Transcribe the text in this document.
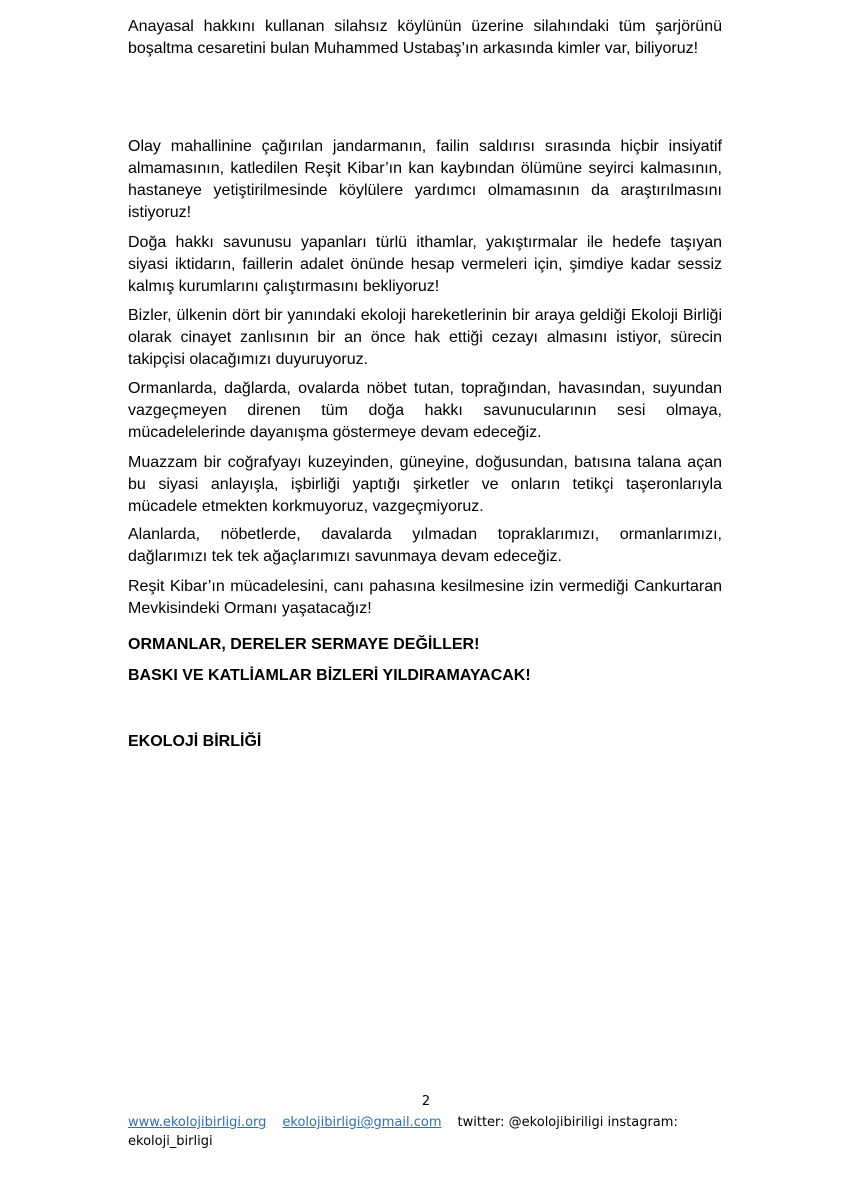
Anayasal hakkını kullanan silahsız köylünün üzerine silahındaki tüm şarjörünü boşaltma cesaretini bulan Muhammed Ustabaş’ın arkasında kimler var, biliyoruz!

Olay mahallinine çağırılan jandarmanın, failin saldırısı sırasında hiçbir insiyatif almamasının, katledilen Reşit Kibar’ın kan kaybından ölümüne seyirci kalmasının, hastaneye yetiştirilmesinde köylülere yardımcı olmamasının da araştırılmasını istiyoruz!

Doğa hakkı savunusu yapanları türlü ithamlar, yakıştırmalar ile hedefe taşıyan siyasi iktidarın, faillerin adalet önünde hesap vermeleri için, şimdiye kadar sessiz kalmış kurumlarını çalıştırmasını bekliyoruz!

Bizler, ülkenin dört bir yanındaki ekoloji hareketlerinin bir araya geldiği Ekoloji Birliği olarak cinayet zanlısının bir an önce hak ettiği cezayı almasını istiyor, sürecin takipçisi olacağımızı duyuruyoruz.

Ormanlarda, dağlarda, ovalarda nöbet tutan, toprağından, havasından, suyundan vazgeçmeyen direnen tüm doğa hakkı savunucularının sesi olmaya, mücadelelerinde dayanışma göstermeye devam edeceğiz.

Muazzam bir coğrafyayı kuzeyinden, güneyine, doğusundan, batısına talana açan bu siyasi anlayışla, işbirliği yaptığı şirketler ve onların tetikçi taşeronlarıyla mücadele etmekten korkmuyoruz, vazgeçmiyoruz.

Alanlarda, nöbetlerde, davalarda yılmadan topraklarımızı, ormanlarımızı, dağlarımızı tek tek ağaçlarımızı savunmaya devam edeceğiz.

Reşit Kibar’ın mücadelesini, canı pahasına kesilmesine izin vermediği Cankurtaran Mevkisindeki Ormanı yaşatacağız!

ORMANLAR, DERELER SERMAYE DEĞİLLER!

BASKI VE KATLİAMLAR BİZLERİ YILDIRAMAYACAK!

EKOLOJİ BİRLİĞİ

2
www.ekolojibirligi.org ekolojibirligi@gmail.com twitter: @ekolojibiriligi instagram: ekoloji_birligi
